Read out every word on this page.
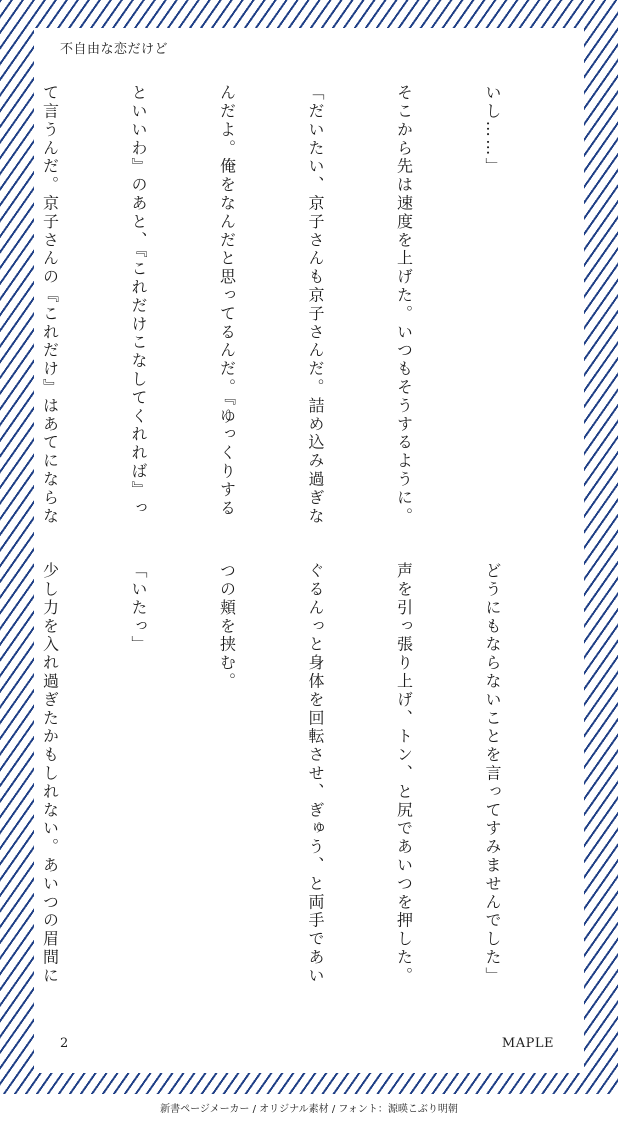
不自由な恋だけど

いし……」

そこから先は速度を上げた。いつもそうするように。

「だいたい、京子さんも京子さんだ。詰め込み過ぎな

んだよ。俺をなんだと思ってるんだ。『ゆっくりする

といいわ』のあと、『これだけこなしてくれれば』っ

て言うんだ。京子さんの『これだけ』はあてにならな

どうにもならないことを言ってすみませんでした」

声を引っ張り上げ、トン、と尻であいつを押した。

ぐるんっと身体を回転させ、ぎゅう、と両手であい

つの頬を挟む。

「いたっ」

少し力を入れ過ぎたかもしれない。あいつの眉間に

2	MAPLE
新書ページメーカー / オリジナル素材 / フォント：源暎こぶり明朝
